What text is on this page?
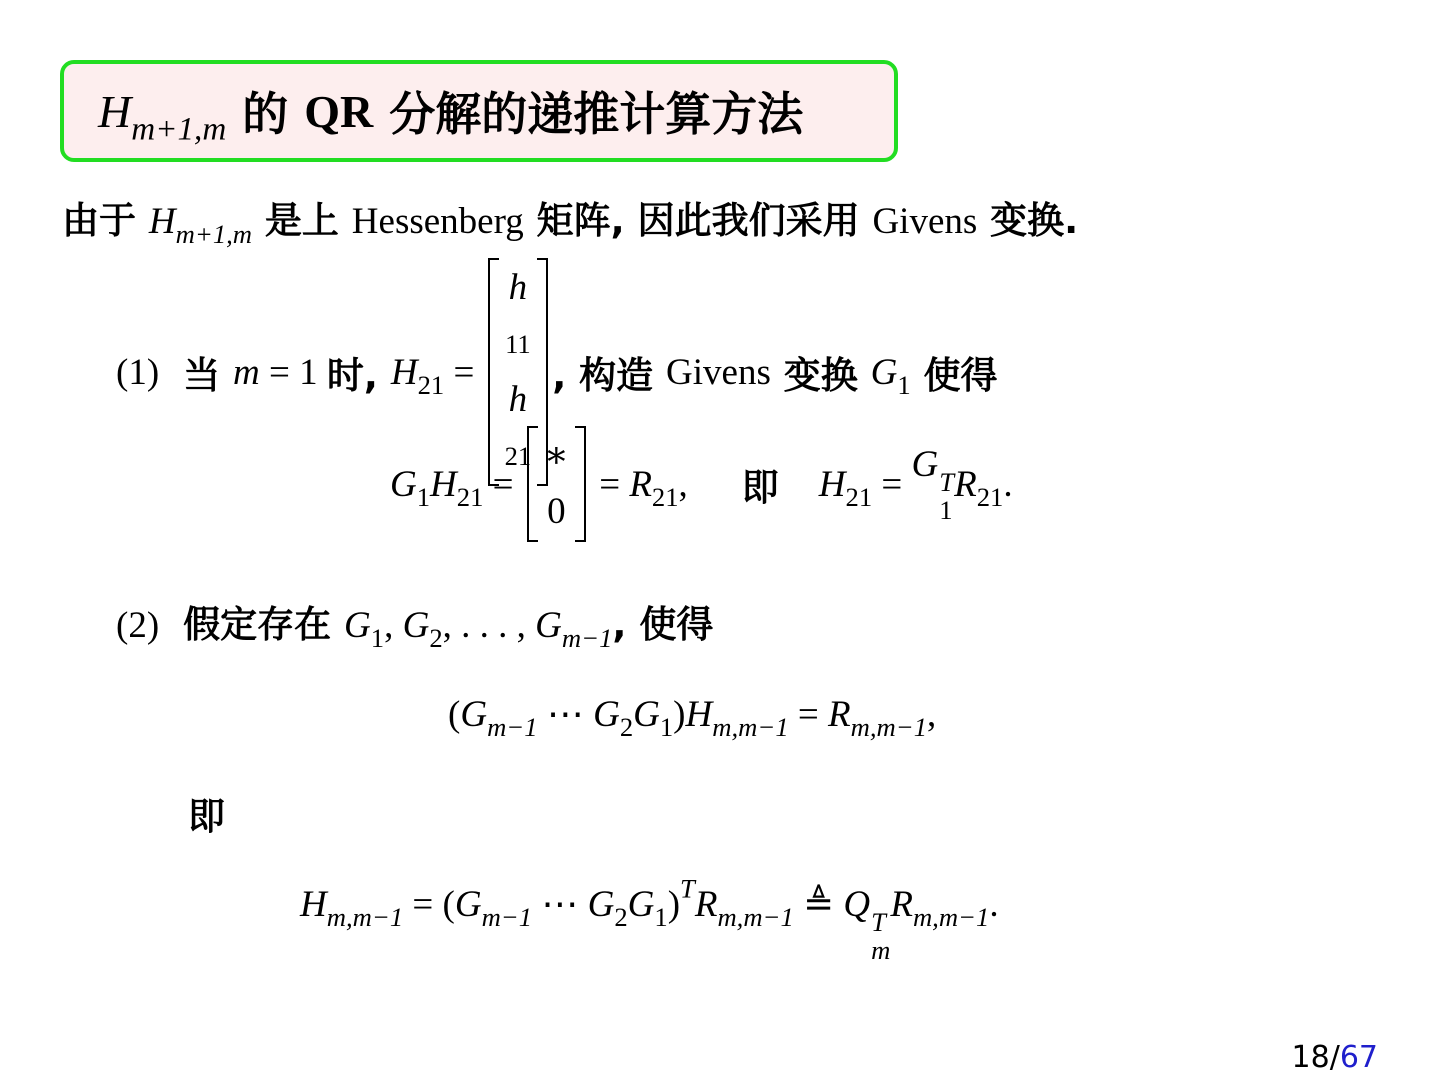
$H_{m+1,m}$ 的 QR 分解的递推计算方法
由于 $H_{m+1,m}$ 是上 Hessenberg 矩阵, 因此我们采用 Givens 变换.
(1) 当 m = 1 时, $H_{21}$ =
h
11
h
21
, 构造 Givens 变换 $G_1$ 使得
$G_1$ $H_{21}$ =
∗
0
= $R_{21}$ , 即 $H_{21} = G$ T
1
$R_{21}$ .
(2) 假定存在 $G_1$, $G_2$, . . . , $G_{m-1}$, 使得
($G_{m-1}$ ⋯ $G_2G_1)H_{m,m-1} = R_{m,m-1}$,
即
$H_{m,m-1} = (G_{m-1}$ ⋯ $G_2G_1)^TR_{m,m-1}$ ≜ Q T
m
$R_{m,m-1}$.
18/67
